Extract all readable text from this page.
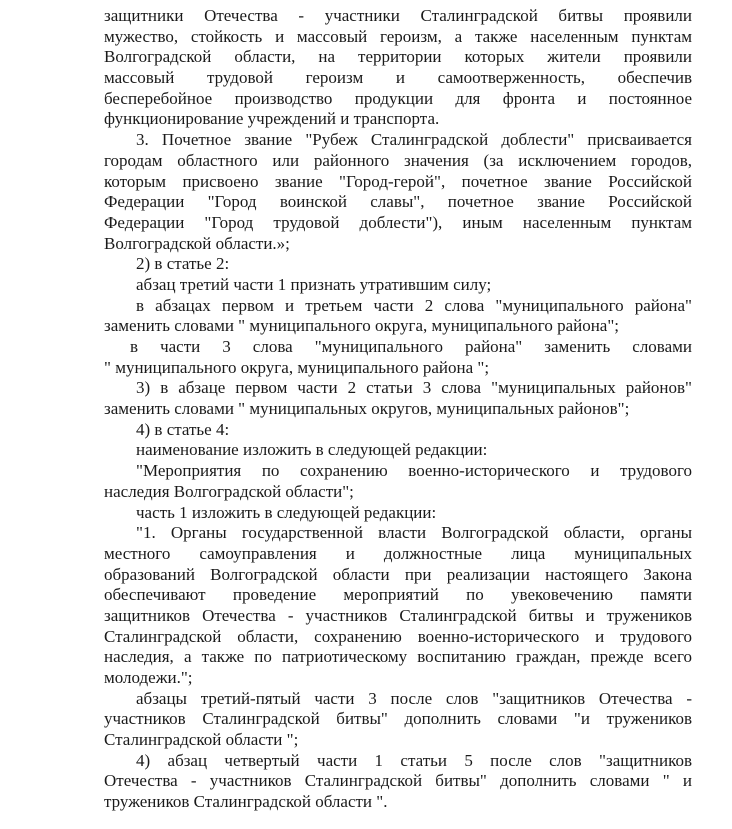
защитники Отечества - участники Сталинградской битвы проявили
мужество, стойкость и массовый героизм, а также населенным пунктам
Волгоградской области, на территории которых жители проявили
массовый трудовой героизм и самоотверженность, обеспечив
бесперебойное производство продукции для фронта и постоянное
функционирование учреждений и транспорта.
3. Почетное звание "Рубеж Сталинградской доблести" присваивается
городам областного или районного значения (за исключением городов,
которым присвоено звание "Город-герой", почетное звание Российской
Федерации "Город воинской славы", почетное звание Российской
Федерации "Город трудовой доблести"), иным населенным пунктам
Волгоградской области.»;
2) в статье 2:
абзац третий части 1 признать утратившим силу;
в абзацах первом и третьем части 2 слова "муниципального района"
заменить словами " муниципального округа, муниципального района";
в части 3 слова "муниципального района" заменить словами
" муниципального округа, муниципального района ";
3) в абзаце первом части 2 статьи 3 слова "муниципальных районов"
заменить словами " муниципальных округов, муниципальных районов";
4) в статье 4:
наименование изложить в следующей редакции:
"Мероприятия по сохранению военно-исторического и трудового
наследия Волгоградской области";
часть 1 изложить в следующей редакции:
"1. Органы государственной власти Волгоградской области, органы
местного самоуправления и должностные лица муниципальных
образований Волгоградской области при реализации настоящего Закона
обеспечивают проведение мероприятий по увековечению памяти
защитников Отечества - участников Сталинградской битвы и тружеников
Сталинградской области, сохранению военно-исторического и трудового
наследия, а также по патриотическому воспитанию граждан, прежде всего
молодежи.";
абзацы третий-пятый части 3 после слов "защитников Отечества -
участников Сталинградской битвы" дополнить словами "и тружеников
Сталинградской области ";
4) абзац четвертый части 1 статьи 5 после слов "защитников
Отечества - участников Сталинградской битвы" дополнить словами " и
тружеников Сталинградской области ".
